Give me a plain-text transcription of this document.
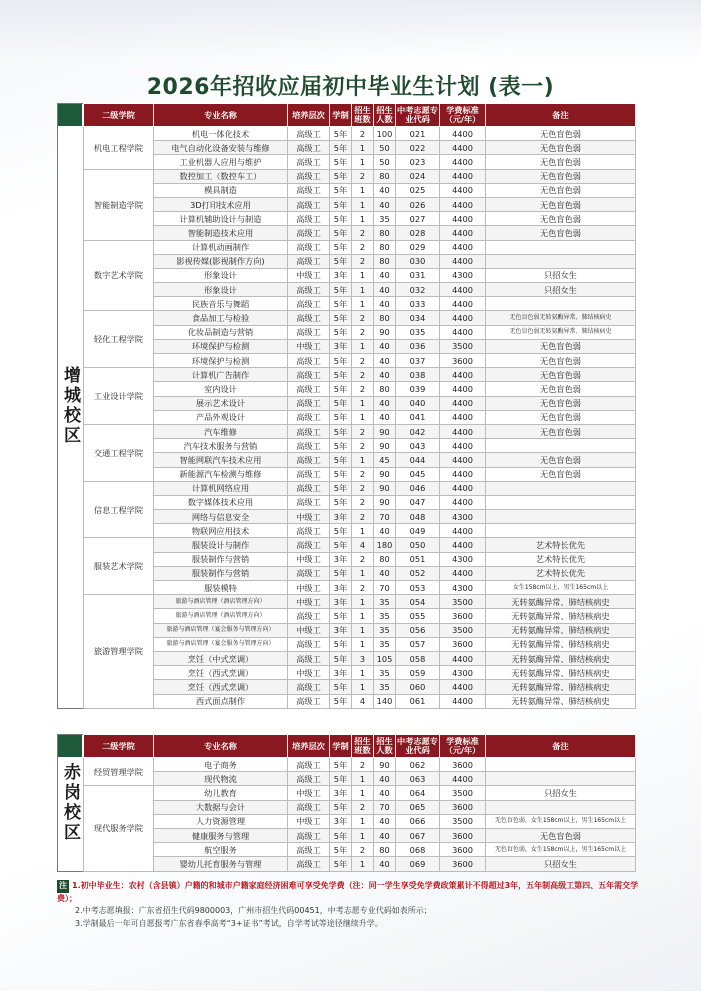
2026年招收应届初中毕业生计划 (表一)
增城校区
二级学院	专业名称	培养层次	学制	招生班数	招生人数	中考志愿专业代码	学费标准（元/年）	备注
机电工程学院	机电一体化技术	高级工	5年	2	100	021	4400	无色盲色弱
	电气自动化设备安装与维修	高级工	5年	1	50	022	4400	无色盲色弱
	工业机器人应用与维护	高级工	5年	1	50	023	4400	无色盲色弱
智能制造学院	数控加工（数控车工）	高级工	5年	2	80	024	4400	无色盲色弱
	模具制造	高级工	5年	1	40	025	4400	无色盲色弱
	3D打印技术应用	高级工	5年	1	40	026	4400	无色盲色弱
	计算机辅助设计与制造	高级工	5年	1	35	027	4400	无色盲色弱
	智能制造技术应用	高级工	5年	2	80	028	4400	无色盲色弱
数字艺术学院	计算机动画制作	高级工	5年	2	80	029	4400	
	影视传媒(影视制作方向)	高级工	5年	2	80	030	4400	
	形象设计	中级工	3年	1	40	031	4300	只招女生
	形象设计	高级工	5年	1	40	032	4400	只招女生
	民族音乐与舞蹈	高级工	5年	1	40	033	4400	
轻化工程学院	食品加工与检验	高级工	5年	2	80	034	4400	无色盲色弱无转氨酶异常、肺结核病史
	化妆品制造与营销	高级工	5年	2	90	035	4400	无色盲色弱无转氨酶异常、肺结核病史
	环境保护与检测	中级工	3年	1	40	036	3500	无色盲色弱
	环境保护与检测	高级工	5年	2	40	037	3600	无色盲色弱
工业设计学院	计算机广告制作	高级工	5年	2	40	038	4400	无色盲色弱
	室内设计	高级工	5年	2	80	039	4400	无色盲色弱
	展示艺术设计	高级工	5年	1	40	040	4400	无色盲色弱
	产品外观设计	高级工	5年	1	40	041	4400	无色盲色弱
交通工程学院	汽车维修	高级工	5年	2	90	042	4400	无色盲色弱
	汽车技术服务与营销	高级工	5年	2	90	043	4400	
	智能网联汽车技术应用	高级工	5年	1	45	044	4400	无色盲色弱
	新能源汽车检测与维修	高级工	5年	2	90	045	4400	无色盲色弱
信息工程学院	计算机网络应用	高级工	5年	2	90	046	4400	
	数字媒体技术应用	高级工	5年	2	90	047	4400	
	网络与信息安全	中级工	3年	2	70	048	4300	
	物联网应用技术	高级工	5年	1	40	049	4400	
服装艺术学院	服装设计与制作	高级工	5年	4	180	050	4400	艺术特长优先
	服装制作与营销	中级工	3年	2	80	051	4300	艺术特长优先
	服装制作与营销	高级工	5年	1	40	052	4400	艺术特长优先
	服装模特	中级工	3年	2	70	053	4300	女生158cm以上，男生165cm以上
旅游管理学院	旅游与酒店管理（酒店管理方向）	中级工	3年	1	35	054	3500	无转氨酶异常、肺结核病史
	旅游与酒店管理（酒店管理方向）	高级工	5年	1	35	055	3600	无转氨酶异常、肺结核病史
	旅游与酒店管理（宴会服务与管理方向）	中级工	3年	1	35	056	3500	无转氨酶异常、肺结核病史
	旅游与酒店管理（宴会服务与管理方向）	高级工	5年	1	35	057	3600	无转氨酶异常、肺结核病史
	烹饪（中式烹调）	高级工	5年	3	105	058	4400	无转氨酶异常、肺结核病史
	烹饪（西式烹调）	中级工	3年	1	35	059	4300	无转氨酶异常、肺结核病史
	烹饪（西式烹调）	高级工	5年	1	35	060	4400	无转氨酶异常、肺结核病史
	西式面点制作	高级工	5年	4	140	061	4400	无转氨酶异常、肺结核病史
赤岗校区
二级学院	专业名称	培养层次	学制	招生班数	招生人数	中考志愿专业代码	学费标准（元/年）	备注
经贸管理学院	电子商务	高级工	5年	2	90	062	3600	
	现代物流	高级工	5年	1	40	063	4400	
现代服务学院	幼儿教育	中级工	3年	1	40	064	3500	只招女生
	大数据与会计	高级工	5年	2	70	065	3600	
	人力资源管理	中级工	3年	1	40	066	3500	无色盲色弱，女生158cm以上，男生165cm以上
	健康服务与管理	高级工	5年	1	40	067	3600	无色盲色弱
	航空服务	高级工	5年	2	80	068	3600	无色盲色弱，女生158cm以上，男生165cm以上
	婴幼儿托育服务与管理	高级工	5年	1	40	069	3600	只招女生
注 1.初中毕业生：农村（含县镇）户籍的和城市户籍家庭经济困难可享受免学费（注：同一学生享受免学费政策累计不得超过3年，五年制高级工第四、五年需交学费）；
2.中考志愿填报：广东省招生代码9800003，广州市招生代码00451，中考志愿专业代码如表所示；
3.学制最后一年可自愿报考广东省春季高考“3+证书”考试，自学考试等途径继续升学。
